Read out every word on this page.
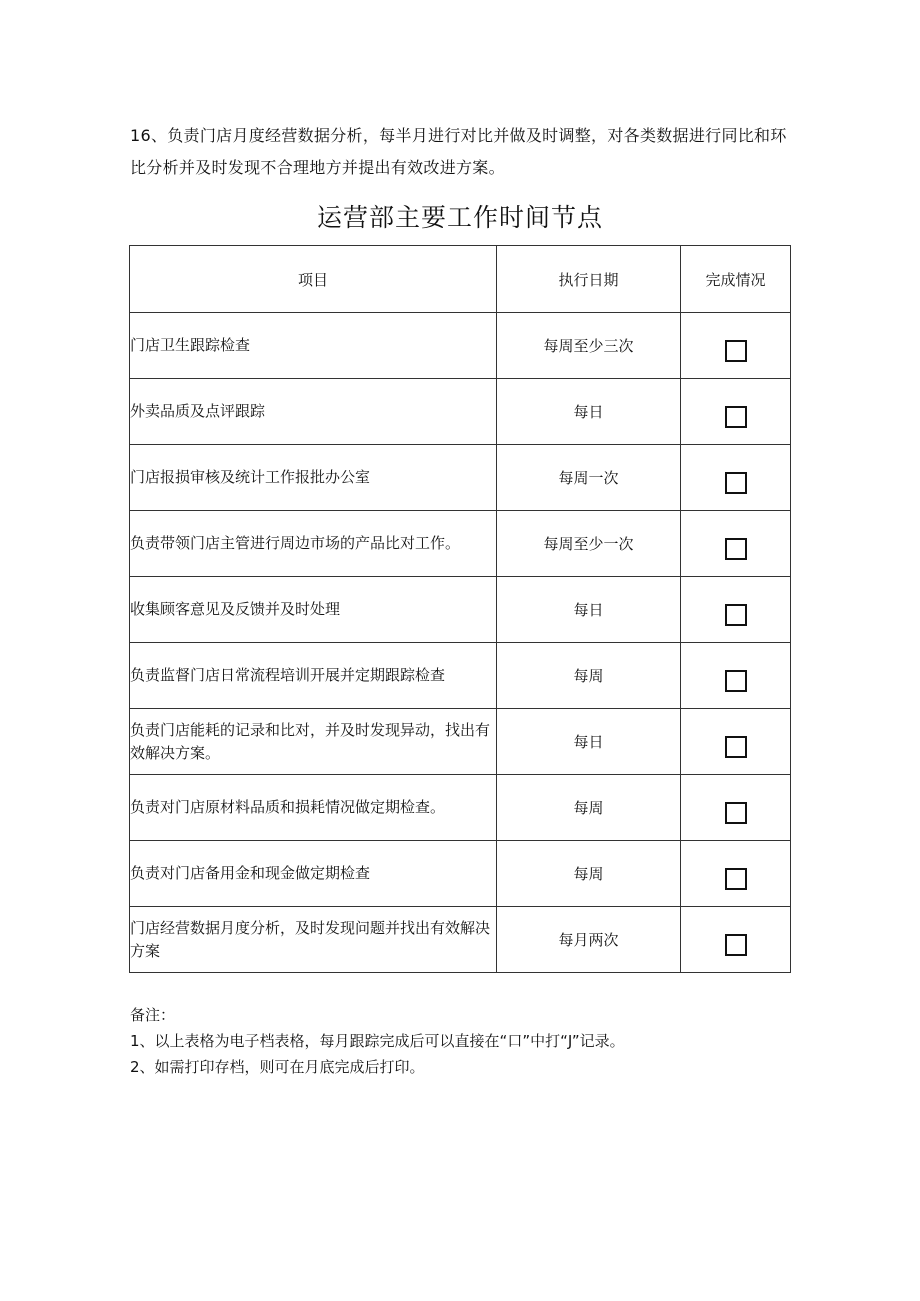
16、负责门店月度经营数据分析，每半月进行对比并做及时调整，对各类数据进行同比和环比分析并及时发现不合理地方并提出有效改进方案。

运营部主要工作时间节点
项目	执行日期	完成情况
门店卫生跟踪检查	每周至少三次	
外卖品质及点评跟踪	每日	
门店报损审核及统计工作报批办公室	每周一次	
负责带领门店主管进行周边市场的产品比对工作。	每周至少一次	
收集顾客意见及反馈并及时处理	每日	
负责监督门店日常流程培训开展并定期跟踪检查	每周	
负责门店能耗的记录和比对，并及时发现异动，找出有效解决方案。	每日	
负责对门店原材料品质和损耗情况做定期检查。	每周	
负责对门店备用金和现金做定期检查	每周	
门店经营数据月度分析，及时发现问题并找出有效解决方案	每月两次	
备注：
1、以上表格为电子档表格，每月跟踪完成后可以直接在“口”中打“J”记录。
2、如需打印存档，则可在月底完成后打印。
